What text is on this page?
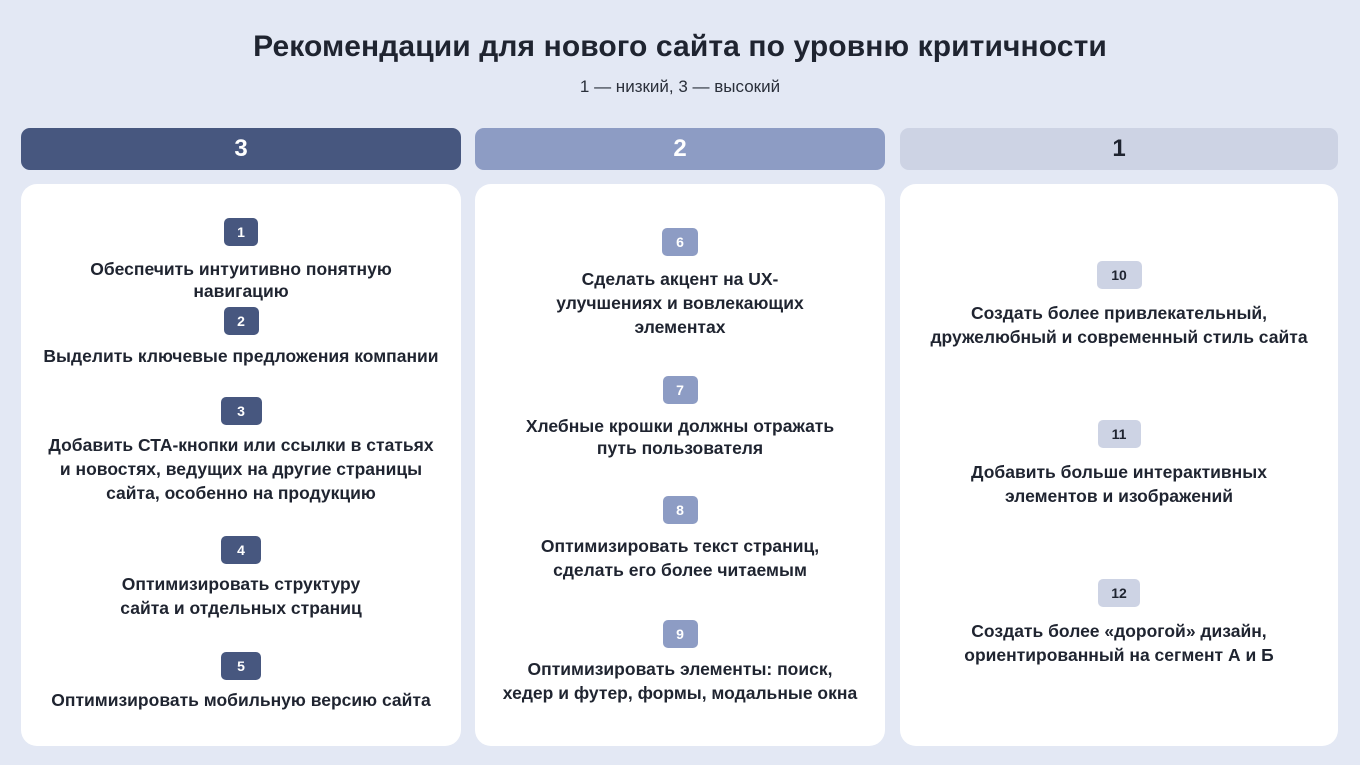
Рекомендации для нового сайта по уровню критичности
1 — низкий, 3 — высокий
3
1
Обеспечить интуитивно понятную
навигацию
2
Выделить ключевые предложения компании
3
Добавить СТА-кнопки или ссылки в статьях
и новостях, ведущих на другие страницы
сайта, особенно на продукцию
4
Оптимизировать структуру
сайта и отдельных страниц
5
Оптимизировать мобильную версию сайта
2
6
Сделать акцент на UX-
улучшениях и вовлекающих
элементах
7
Хлебные крошки должны отражать
путь пользователя
8
Оптимизировать текст страниц,
сделать его более читаемым
9
Оптимизировать элементы: поиск,
хедер и футер, формы, модальные окна
1
10
Создать более привлекательный,
дружелюбный и современный стиль сайта
11
Добавить больше интерактивных
элементов и изображений
12
Создать более «дорогой» дизайн,
ориентированный на сегмент А и Б
